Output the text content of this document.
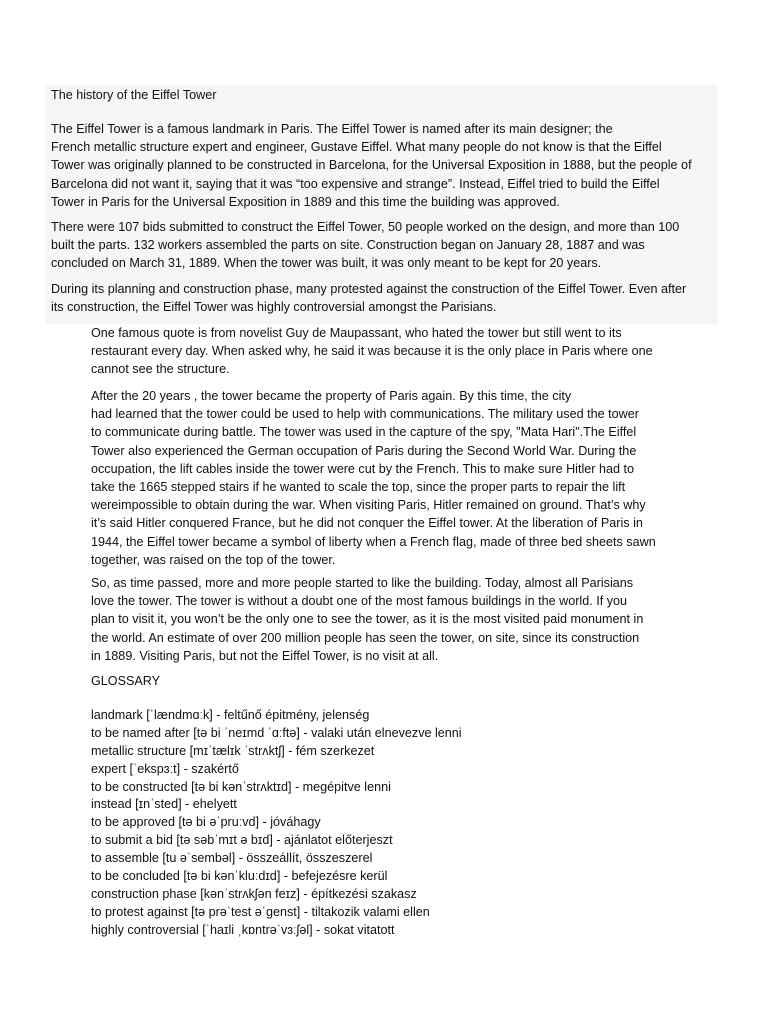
The history of the Eiffel Tower

The Eiffel Tower is a famous landmark in Paris. The Eiffel Tower is named after its main designer; the
French metallic structure expert and engineer, Gustave Eiffel. What many people do not know is that the Eiffel
Tower was originally planned to be constructed in Barcelona, for the Universal Exposition in 1888, but the people of
Barcelona did not want it, saying that it was “too expensive and strange”. Instead, Eiffel tried to build the Eiffel
Tower in Paris for the Universal Exposition in 1889 and this time the building was approved.

There were 107 bids submitted to construct the Eiffel Tower, 50 people worked on the design, and more than 100
built the parts. 132 workers assembled the parts on site. Construction began on January 28, 1887 and was
concluded on March 31, 1889. When the tower was built, it was only meant to be kept for 20 years.

During its planning and construction phase, many protested against the construction of the Eiffel Tower. Even after
its construction, the Eiffel Tower was highly controversial amongst the Parisians.

One famous quote is from novelist Guy de Maupassant, who hated the tower but still went to its
restaurant every day. When asked why, he said it was because it is the only place in Paris where one
cannot see the structure.

After the 20 years , the tower became the property of Paris again. By this time, the city
had learned that the tower could be used to help with communications. The military used the tower
to communicate during battle. The tower was used in the capture of the spy, "Mata Hari".The Eiffel
Tower also experienced the German occupation of Paris during the Second World War. During the
occupation, the lift cables inside the tower were cut by the French. This to make sure Hitler had to
take the 1665 stepped stairs if he wanted to scale the top, since the proper parts to repair the lift
wereimpossible to obtain during the war. When visiting Paris, Hitler remained on ground. That’s why
it’s said Hitler conquered France, but he did not conquer the Eiffel tower. At the liberation of Paris in
1944, the Eiffel tower became a symbol of liberty when a French flag, made of three bed sheets sawn
together, was raised on the top of the tower.

So, as time passed, more and more people started to like the building. Today, almost all Parisians
love the tower. The tower is without a doubt one of the most famous buildings in the world. If you
plan to visit it, you won’t be the only one to see the tower, as it is the most visited paid monument in
the world. An estimate of over 200 million people has seen the tower, on site, since its construction
in 1889. Visiting Paris, but not the Eiffel Tower, is no visit at all.

GLOSSARY
landmark [ˈlændmɑːk] - feltűnő épitmény, jelenség
to be named after [tə bi ˈneɪmd ˈɑːftə] - valaki után elnevezve lenni
metallic structure [mɪˈtælɪk ˈstrʌktʃ] - fém szerkezet
expert [ˈekspɜːt] - szakértő
to be constructed [tə bi kənˈstrʌktɪd] - megépitve lenni
instead [ɪnˈsted] - ehelyett
to be approved [tə bi əˈpruːvd] - jóváhagy
to submit a bid [tə səbˈmɪt ə bɪd] - ajánlatot előterjeszt
to assemble [tu əˈsembəl] - összeállít, összeszerel
to be concluded [tə bi kənˈkluːdɪd] - befejezésre kerül
construction phase [kənˈstrʌkʃən feɪz] - építkezési szakasz
to protest against [tə prəˈtest əˈgenst] - tiltakozik valami ellen
highly controversial [ˈhaɪli ˌkɒntrəˈvɜːʃəl] - sokat vitatott
